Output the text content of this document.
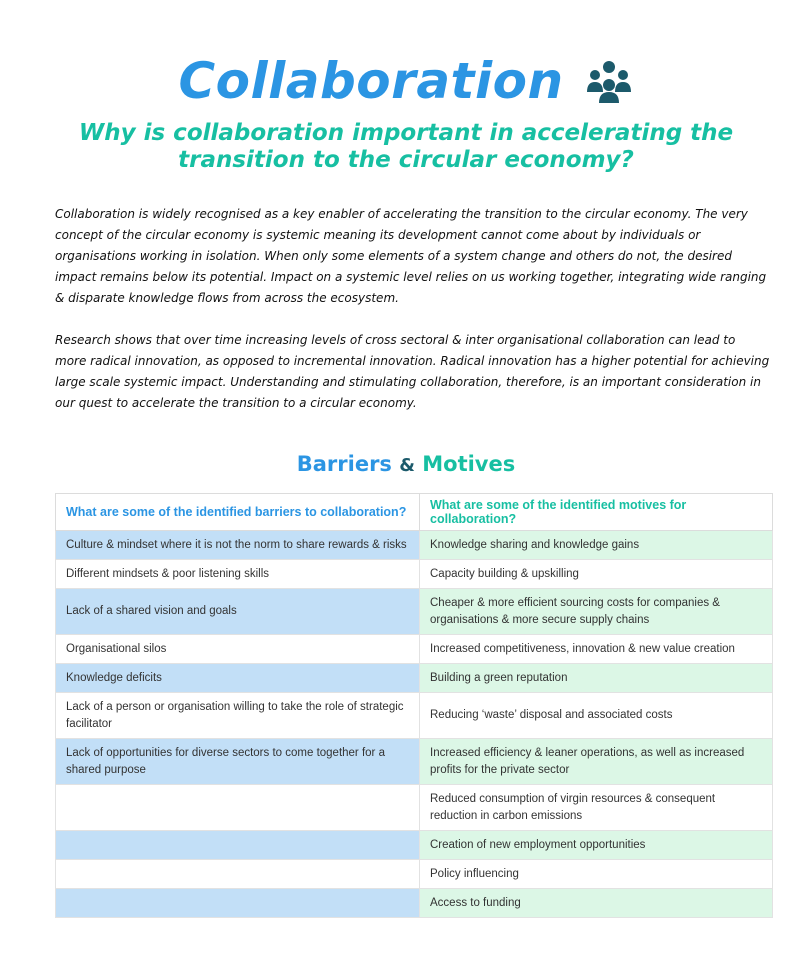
Collaboration
Why is collaboration important in accelerating the transition to the circular economy?

Collaboration is widely recognised as a key enabler of accelerating the transition to the circular economy. The very concept of the circular economy is systemic meaning its development cannot come about by individuals or organisations working in isolation. When only some elements of a system change and others do not, the desired impact remains below its potential. Impact on a systemic level relies on us working together, integrating wide ranging & disparate knowledge flows from across the ecosystem.

Research shows that over time increasing levels of cross sectoral & inter organisational collaboration can lead to more radical innovation, as opposed to incremental innovation. Radical innovation has a higher potential for achieving large scale systemic impact. Understanding and stimulating collaboration, therefore, is an important consideration in our quest to accelerate the transition to a circular economy.

Barriers & Motives
What are some of the identified barriers to collaboration?	What are some of the identified motives for collaboration?
Culture & mindset where it is not the norm to share rewards & risks	Knowledge sharing and knowledge gains
Different mindsets & poor listening skills	Capacity building & upskilling
Lack of a shared vision and goals	Cheaper & more efficient sourcing costs for companies & organisations & more secure supply chains
Organisational silos	Increased competitiveness, innovation & new value creation
Knowledge deficits	Building a green reputation
Lack of a person or organisation willing to take the role of strategic facilitator	Reducing ‘waste’ disposal and associated costs
Lack of opportunities for diverse sectors to come together for a shared purpose	Increased efficiency & leaner operations, as well as increased profits for the private sector
	Reduced consumption of virgin resources & consequent reduction in carbon emissions
	Creation of new employment opportunities
	Policy influencing
	Access to funding
